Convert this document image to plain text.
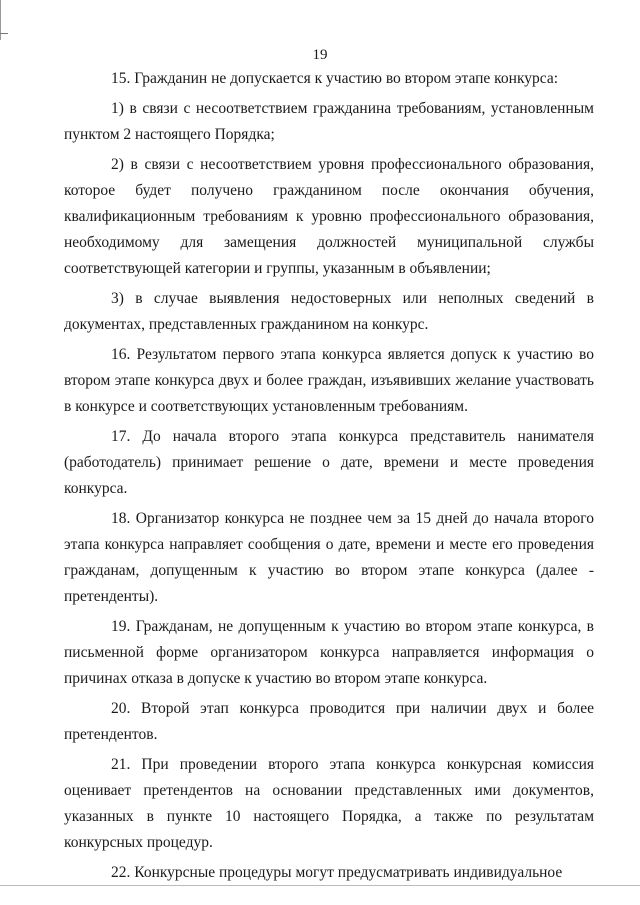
19

15. Гражданин не допускается к участию во втором этапе конкурса:

1) в связи с несоответствием гражданина требованиям, установленным пунктом 2 настоящего Порядка;

2) в связи с несоответствием уровня профессионального образования, которое будет получено гражданином после окончания обучения, квалификационным требованиям к уровню профессионального образования, необходимому для замещения должностей муниципальной службы соответствующей категории и группы, указанным в объявлении;

3) в случае выявления недостоверных или неполных сведений в документах, представленных гражданином на конкурс.

16. Результатом первого этапа конкурса является допуск к участию во втором этапе конкурса двух и более граждан, изъявивших желание участвовать в конкурсе и соответствующих установленным требованиям.

17. До начала второго этапа конкурса представитель нанимателя (работодатель) принимает решение о дате, времени и месте проведения конкурса.

18. Организатор конкурса не позднее чем за 15 дней до начала второго этапа конкурса направляет сообщения о дате, времени и месте его проведения гражданам, допущенным к участию во втором этапе конкурса (далее - претенденты).

19. Гражданам, не допущенным к участию во втором этапе конкурса, в письменной форме организатором конкурса направляется информация о причинах отказа в допуске к участию во втором этапе конкурса.

20. Второй этап конкурса проводится при наличии двух и более претендентов.

21. При проведении второго этапа конкурса конкурсная комиссия оценивает претендентов на основании представленных ими документов, указанных в пункте 10 настоящего Порядка, а также по результатам конкурсных процедур.

22. Конкурсные процедуры могут предусматривать индивидуальное
